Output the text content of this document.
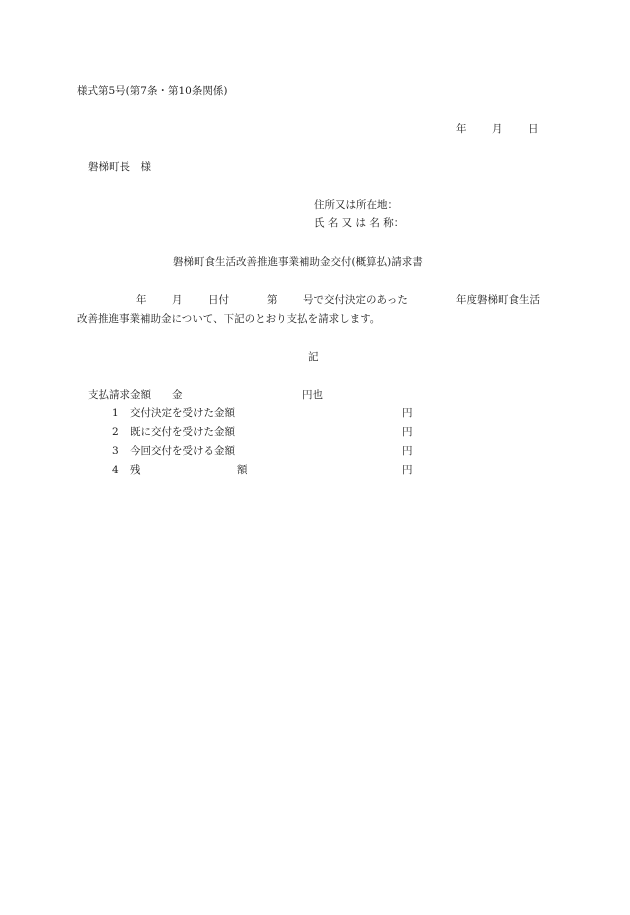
様式第5号(第7条・第10条関係)
年 月 日
磐梯町長　様
住所又は所在地：
氏 名 又 は 名 称：
磐梯町食生活改善推進事業補助金交付(概算払)請求書
年 月 日付	第 号で交付決定のあった	年度磐梯町食生活
改善推進事業補助金について、下記のとおり支払を請求します。
記
支払請求金額 金	円也
1 交付決定を受けた金額	円
2 既に交付を受けた金額	円
3 今回交付を受ける金額	円
4 残	額	円
